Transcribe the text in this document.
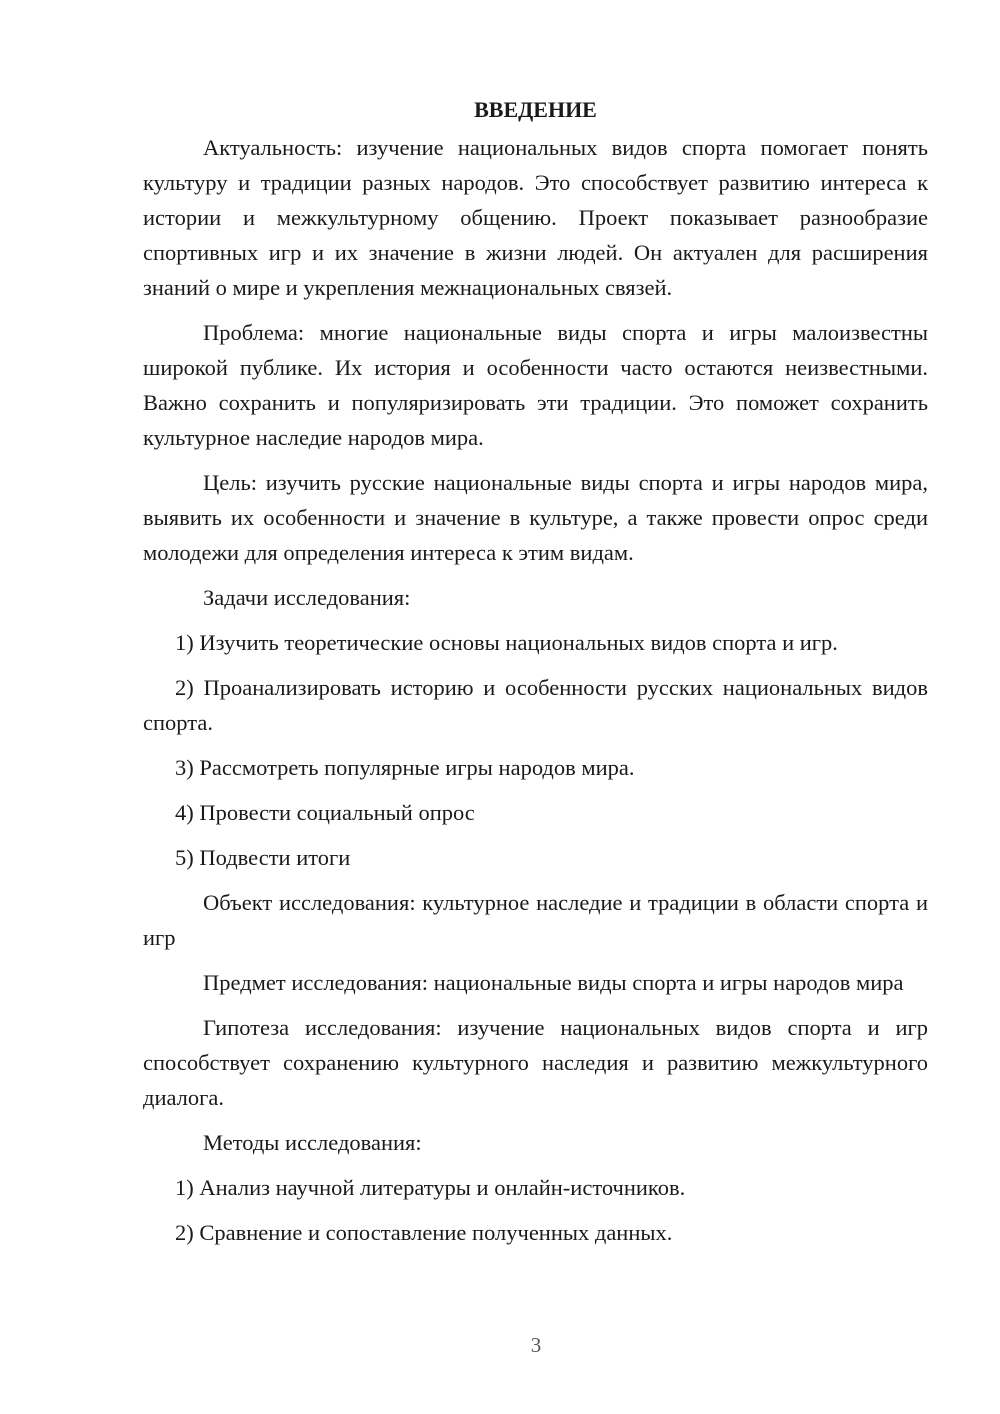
ВВЕДЕНИЕ

Актуальность: изучение национальных видов спорта помогает понять культуру и традиции разных народов. Это способствует развитию интереса к истории и межкультурному общению. Проект показывает разнообразие спортивных игр и их значение в жизни людей. Он актуален для расширения знаний о мире и укрепления межнациональных связей.

Проблема: многие национальные виды спорта и игры малоизвестны широкой публике. Их история и особенности часто остаются неизвестными. Важно сохранить и популяризировать эти традиции. Это поможет сохранить культурное наследие народов мира.

Цель: изучить русские национальные виды спорта и игры народов мира, выявить их особенности и значение в культуре, а также провести опрос среди молодежи для определения интереса к этим видам.

Задачи исследования:

1) Изучить теоретические основы национальных видов спорта и игр.

2) Проанализировать историю и особенности русских национальных видов спорта.

3) Рассмотреть популярные игры народов мира.

4) Провести социальный опрос

5) Подвести итоги

Объект исследования: культурное наследие и традиции в области спорта и игр

Предмет исследования: национальные виды спорта и игры народов мира

Гипотеза исследования: изучение национальных видов спорта и игр способствует сохранению культурного наследия и развитию межкультурного диалога.

Методы исследования:

1) Анализ научной литературы и онлайн-источников.

2) Сравнение и сопоставление полученных данных.

3
